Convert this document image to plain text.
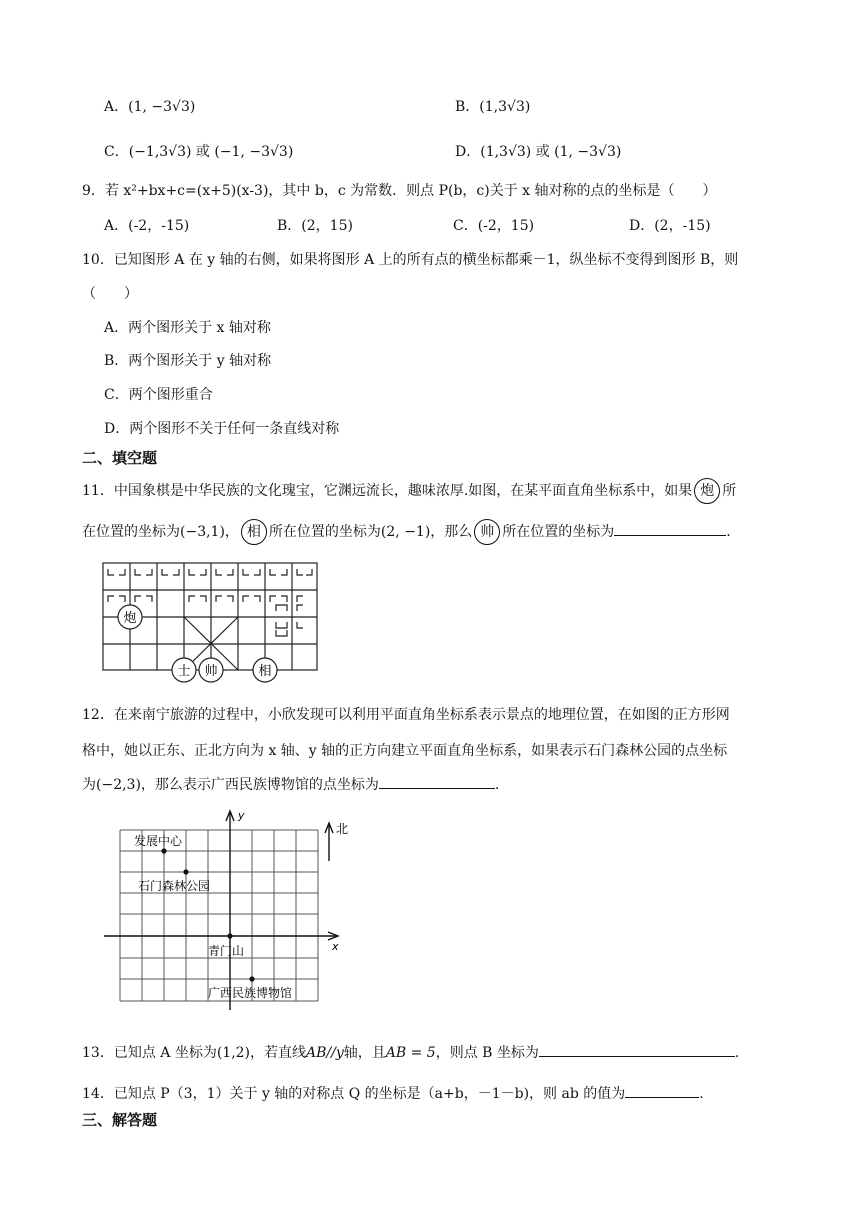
A．(1, −3√3)	B．(1,3√3)
C．(−1,3√3) 或 (−1, −3√3)	D．(1,3√3) 或 (1, −3√3)
9．若 x²+bx+c=(x+5)(x-3)，其中 b，c 为常数．则点 P(b，c)关于 x 轴对称的点的坐标是（　　）
A．(-2，-15)	B．(2，15)	C．(-2，15)	D．(2，-15)
10．已知图形 A 在 y 轴的右侧，如果将图形 A 上的所有点的横坐标都乘－1，纵坐标不变得到图形 B，则
（　　）
A．两个图形关于 x 轴对称
B．两个图形关于 y 轴对称
C．两个图形重合
D．两个图形不关于任何一条直线对称
二、填空题
11．中国象棋是中华民族的文化瑰宝，它渊远流长，趣味浓厚.如图，在某平面直角坐标系中，如果 炮 所
在位置的坐标为(−3,1)， 相 所在位置的坐标为(2, −1)，那么 帅 所在位置的坐标为	.
炮
士 帅	相
12．在来南宁旅游的过程中，小欣发现可以利用平面直角坐标系表示景点的地理位置，在如图的正方形网
格中，她以正东、正北方向为 x 轴、y 轴的正方向建立平面直角坐标系，如果表示石门森林公园的点坐标
为(−2,3)，那么表示广西民族博物馆的点坐标为	.
y
x
北
发展中心
石门森林公园
青门山
广西民族博物馆
13．已知点 A 坐标为(1,2)，若直线AB//y轴，且AB = 5，则点 B 坐标为	.
14．已知点 P（3，1）关于 y 轴的对称点 Q 的坐标是（a+b，－1－b)，则 ab 的值为	.
三、解答题
